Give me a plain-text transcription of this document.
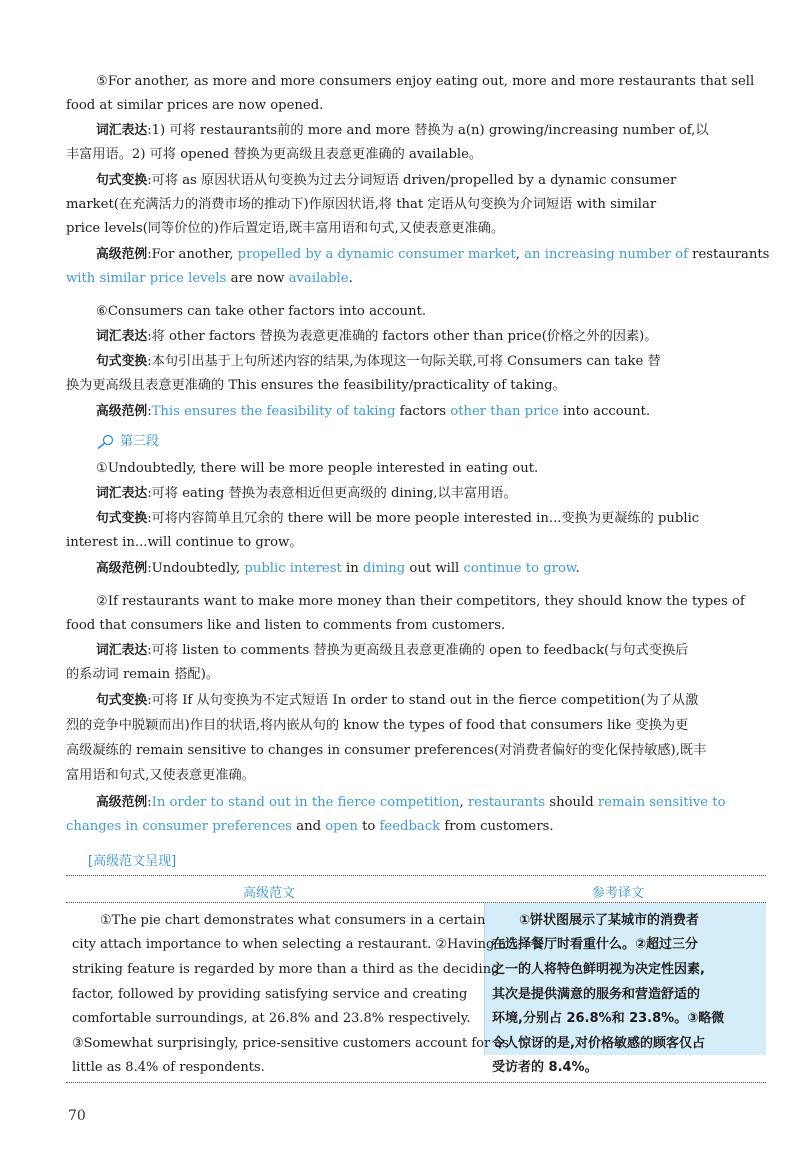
⑤For another, as more and more consumers enjoy eating out, more and more restaurants that sell
food at similar prices are now opened.
词汇表达:1) 可将 restaurants前的 more and more 替换为 a(n) growing/increasing number of,以
丰富用语。2) 可将 opened 替换为更高级且表意更准确的 available。
句式变换:可将 as 原因状语从句变换为过去分词短语 driven/propelled by a dynamic consumer
market(在充满活力的消费市场的推动下)作原因状语,将 that 定语从句变换为介词短语 with similar
price levels(同等价位的)作后置定语,既丰富用语和句式,又使表意更准确。
高级范例:For another, propelled by a dynamic consumer market, an increasing number of restaurants
with similar price levels are now available.
⑥Consumers can take other factors into account.
词汇表达:将 other factors 替换为表意更准确的 factors other than price(价格之外的因素)。
句式变换:本句引出基于上句所述内容的结果,为体现这一句际关联,可将 Consumers can take 替
换为更高级且表意更准确的 This ensures the feasibility/practicality of taking。
高级范例:This ensures the feasibility of taking factors other than price into account.
第三段
①Undoubtedly, there will be more people interested in eating out.
词汇表达:可将 eating 替换为表意相近但更高级的 dining,以丰富用语。
句式变换:可将内容简单且冗余的 there will be more people interested in...变换为更凝练的 public
interest in...will continue to grow。
高级范例:Undoubtedly, public interest in dining out will continue to grow.
②If restaurants want to make more money than their competitors, they should know the types of
food that consumers like and listen to comments from customers.
词汇表达:可将 listen to comments 替换为更高级且表意更准确的 open to feedback(与句式变换后
的系动词 remain 搭配)。
句式变换:可将 If 从句变换为不定式短语 In order to stand out in the fierce competition(为了从激
烈的竞争中脱颖而出)作目的状语,将内嵌从句的 know the types of food that consumers like 变换为更
高级凝练的 remain sensitive to changes in consumer preferences(对消费者偏好的变化保持敏感),既丰
富用语和句式,又使表意更准确。
高级范例:In order to stand out in the fierce competition, restaurants should remain sensitive to
changes in consumer preferences and open to feedback from customers.
[高级范文呈现]
高级范文	参考译文
①The pie chart demonstrates what consumers in a certain
city attach importance to when selecting a restaurant. ②Having a
striking feature is regarded by more than a third as the deciding
factor, followed by providing satisfying service and creating
comfortable surroundings, at 26.8% and 23.8% respectively.
③Somewhat surprisingly, price-sensitive customers account for as
little as 8.4% of respondents.
①饼状图展示了某城市的消费者
在选择餐厅时看重什么。②超过三分
之一的人将特色鲜明视为决定性因素,
其次是提供满意的服务和营造舒适的
环境,分别占 26.8%和 23.8%。③略微
令人惊讶的是,对价格敏感的顾客仅占
受访者的 8.4%。
70
